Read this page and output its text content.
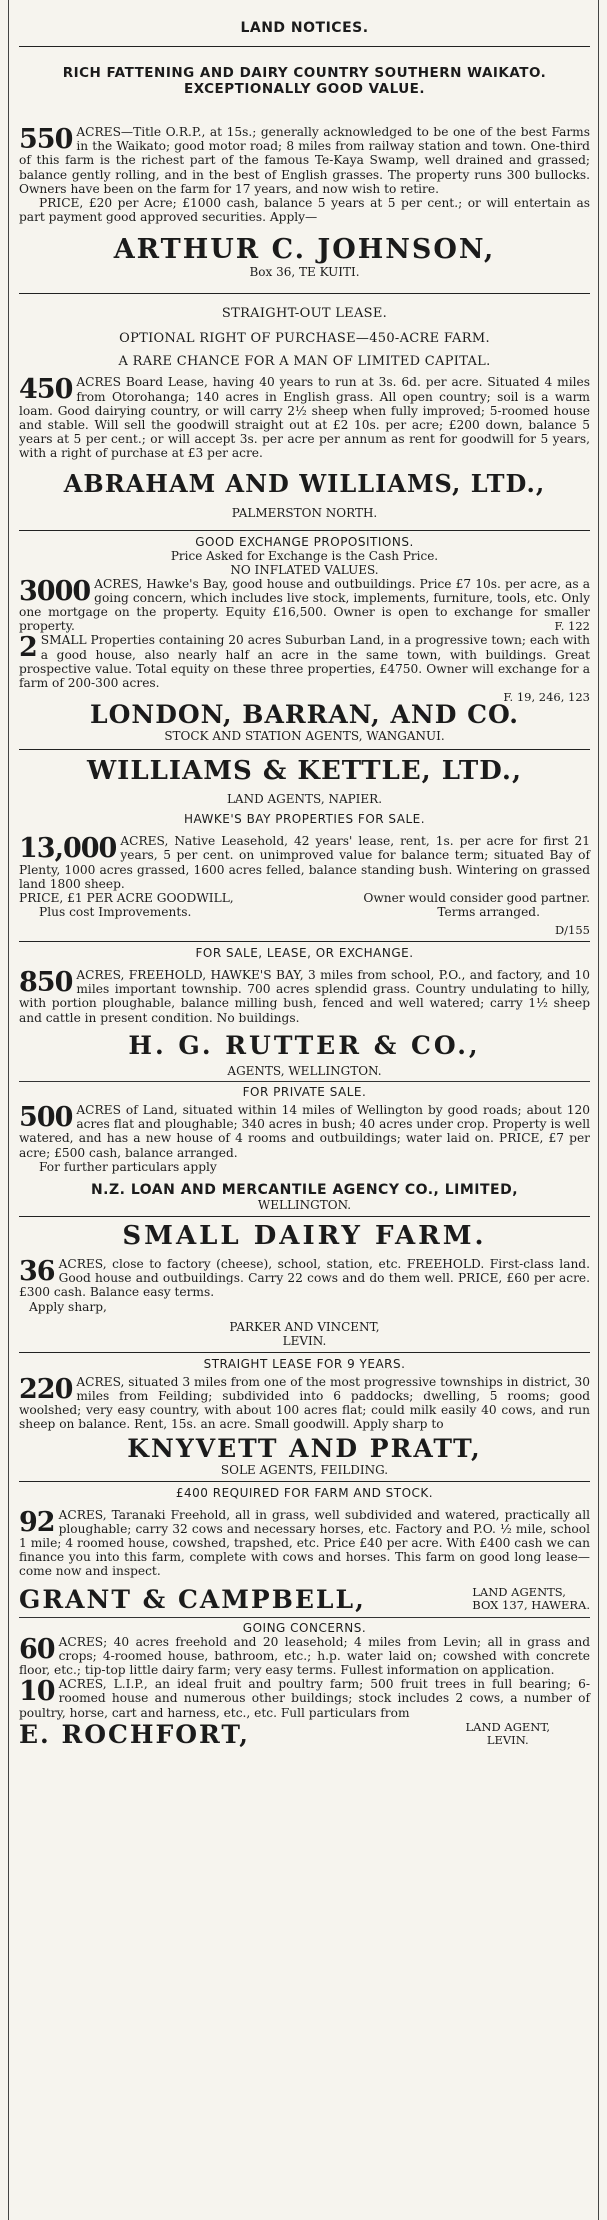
LAND NOTICES.
RICH FATTENING AND DAIRY COUNTRY SOUTHERN WAIKATO.
EXCEPTIONALLY GOOD VALUE.
550 ACRES—Title O.R.P., at 15s.; generally acknowledged to be one of the best Farms in the Waikato; good motor road; 8 miles from railway station and town. One-third of this farm is the richest part of the famous Te-Kaya Swamp, well drained and grassed; balance gently rolling, and in the best of English grasses. The property runs 300 bullocks. Owners have been on the farm for 17 years, and now wish to retire.
PRICE, £20 per Acre; £1000 cash, balance 5 years at 5 per cent.; or will entertain as part payment good approved securities. Apply—
ARTHUR C. JOHNSON,
Box 36, TE KUITI.
STRAIGHT-OUT LEASE.
OPTIONAL RIGHT OF PURCHASE—450-ACRE FARM.
A RARE CHANCE FOR A MAN OF LIMITED CAPITAL.
450 ACRES Board Lease, having 40 years to run at 3s. 6d. per acre. Situated 4 miles from Otorohanga; 140 acres in English grass. All open country; soil is a warm loam. Good dairying country, or will carry 2½ sheep when fully improved; 5-roomed house and stable. Will sell the goodwill straight out at £2 10s. per acre; £200 down, balance 5 years at 5 per cent.; or will accept 3s. per acre per annum as rent for goodwill for 5 years, with a right of purchase at £3 per acre.
ABRAHAM AND WILLIAMS, LTD.,
PALMERSTON NORTH.
GOOD EXCHANGE PROPOSITIONS.
Price Asked for Exchange is the Cash Price.
NO INFLATED VALUES.
3000 ACRES, Hawke's Bay, good house and outbuildings. Price £7 10s. per acre, as a going concern, which includes live stock, implements, furniture, tools, etc. Only one mortgage on the property. Equity £16,500. Owner is open to exchange for smaller property.	F. 122
2 SMALL Properties containing 20 acres Suburban Land, in a progressive town; each with a good house, also nearly half an acre in the same town, with buildings. Great prospective value. Total equity on these three properties, £4750. Owner will exchange for a farm of 200-300 acres.
F. 19, 246, 123
LONDON, BARRAN, AND CO.
STOCK AND STATION AGENTS, WANGANUI.
WILLIAMS & KETTLE, LTD.,
LAND AGENTS, NAPIER.
HAWKE'S BAY PROPERTIES FOR SALE.
13,000 ACRES, Native Leasehold, 42 years' lease, rent, 1s. per acre for first 21 years, 5 per cent. on unimproved value for balance term; situated Bay of Plenty, 1000 acres grassed, 1600 acres felled, balance standing bush. Wintering on grassed land 1800 sheep.
PRICE, £1 PER ACRE GOODWILL,	Owner would consider good partner.
Plus cost Improvements.	Terms arranged.
D/155
FOR SALE, LEASE, OR EXCHANGE.
850 ACRES, FREEHOLD, HAWKE'S BAY, 3 miles from school, P.O., and factory, and 10 miles important township. 700 acres splendid grass. Country undulating to hilly, with portion ploughable, balance milling bush, fenced and well watered; carry 1½ sheep and cattle in present condition. No buildings.
H. G. RUTTER & CO.,
AGENTS, WELLINGTON.
FOR PRIVATE SALE.
500 ACRES of Land, situated within 14 miles of Wellington by good roads; about 120 acres flat and ploughable; 340 acres in bush; 40 acres under crop. Property is well watered, and has a new house of 4 rooms and outbuildings; water laid on. PRICE, £7 per acre; £500 cash, balance arranged.
For further particulars apply
N.Z. LOAN AND MERCANTILE AGENCY CO., LIMITED,
WELLINGTON.
SMALL DAIRY FARM.
36 ACRES, close to factory (cheese), school, station, etc. FREEHOLD. First-class land. Good house and outbuildings. Carry 22 cows and do them well. PRICE, £60 per acre. £300 cash. Balance easy terms.
Apply sharp,
PARKER AND VINCENT,
LEVIN.
STRAIGHT LEASE FOR 9 YEARS.
220 ACRES, situated 3 miles from one of the most progressive townships in district, 30 miles from Feilding; subdivided into 6 paddocks; dwelling, 5 rooms; good woolshed; very easy country, with about 100 acres flat; could milk easily 40 cows, and run sheep on balance. Rent, 15s. an acre. Small goodwill. Apply sharp to
KNYVETT AND PRATT,
SOLE AGENTS, FEILDING.
£400 REQUIRED FOR FARM AND STOCK.
92 ACRES, Taranaki Freehold, all in grass, well subdivided and watered, practically all ploughable; carry 32 cows and necessary horses, etc. Factory and P.O. ½ mile, school 1 mile; 4 roomed house, cowshed, trapshed, etc. Price £40 per acre. With £400 cash we can finance you into this farm, complete with cows and horses. This farm on good long lease—come now and inspect.
GRANT & CAMPBELL,	LAND AGENTS,
BOX 137, HAWERA.
GOING CONCERNS.
60 ACRES; 40 acres freehold and 20 leasehold; 4 miles from Levin; all in grass and crops; 4-roomed house, bathroom, etc.; h.p. water laid on; cowshed with concrete floor, etc.; tip-top little dairy farm; very easy terms. Fullest information on application.
10 ACRES, L.I.P., an ideal fruit and poultry farm; 500 fruit trees in full bearing; 6-roomed house and numerous other buildings; stock includes 2 cows, a number of poultry, horse, cart and harness, etc., etc. Full particulars from
E. ROCHFORT,	LAND AGENT,
LEVIN.
